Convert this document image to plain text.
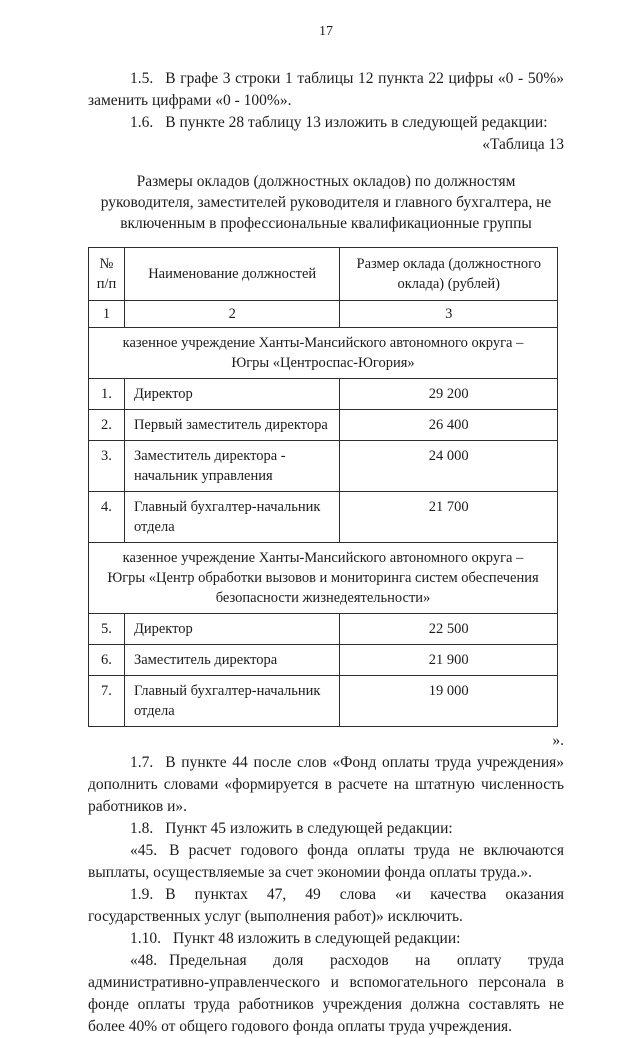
17

1.5. В графе 3 строки 1 таблицы 12 пункта 22 цифры «0 - 50%» заменить цифрами «0 - 100%».

1.6. В пункте 28 таблицу 13 изложить в следующей редакции:

«Таблица 13
Размеры окладов (должностных окладов) по должностям руководителя, заместителей руководителя и главного бухгалтера, не включенным в профессиональные квалификационные группы
№ п/п	Наименование должностей	Размер оклада (должностного оклада) (рублей)
1	2	3
казенное учреждение Ханты-Мансийского автономного округа – Югры «Центроспас-Югория»		
1.	Директор	29 200
2.	Первый заместитель директора	26 400
3.	Заместитель директора - начальник управления	24 000
4.	Главный бухгалтер-начальник отдела	21 700
казенное учреждение Ханты-Мансийского автономного округа – Югры «Центр обработки вызовов и мониторинга систем обеспечения безопасности жизнедеятельности»		
5.	Директор	22 500
6.	Заместитель директора	21 900
7.	Главный бухгалтер-начальник отдела	19 000
».

1.7. В пункте 44 после слов «Фонд оплаты труда учреждения» дополнить словами «формируется в расчете на штатную численность работников и».

1.8. Пункт 45 изложить в следующей редакции:

«45. В расчет годового фонда оплаты труда не включаются выплаты, осуществляемые за счет экономии фонда оплаты труда.».

1.9. В пунктах 47, 49 слова «и качества оказания государственных услуг (выполнения работ)» исключить.

1.10. Пункт 48 изложить в следующей редакции:

«48. Предельная доля расходов на оплату труда административно-управленческого и вспомогательного персонала в фонде оплаты труда работников учреждения должна составлять не более 40% от общего годового фонда оплаты труда учреждения.
